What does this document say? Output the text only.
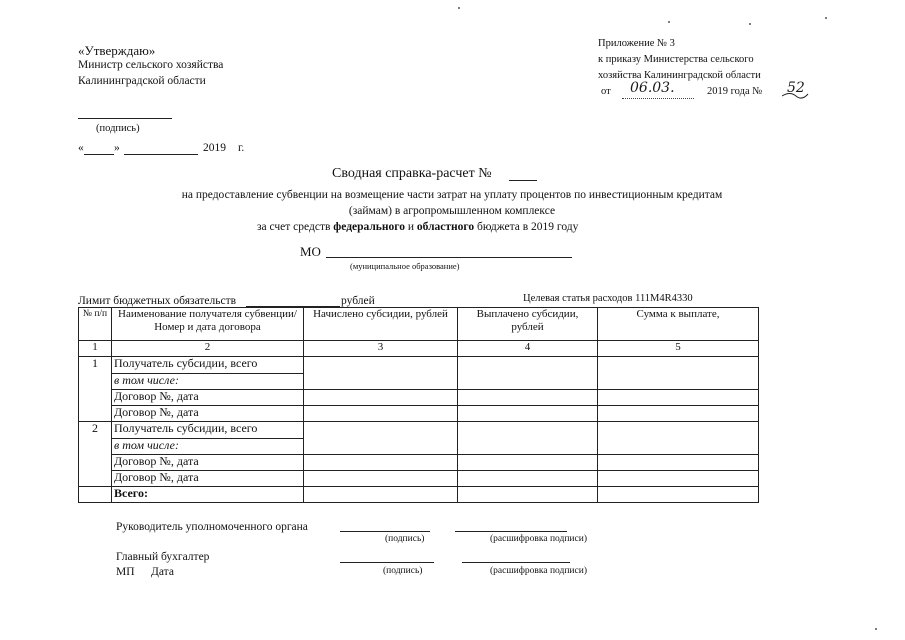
«Утверждаю»
Министр сельского хозяйства
Калининградской области
(подпись)
«	»	2019 г.
Приложение № 3
к приказу Министерства сельского
хозяйства Калининградской области
от 06.03.	2019 года № 52
Сводная справка-расчет №
на предоставление субвенции на возмещение части затрат на уплату процентов по инвестиционным кредитам
(займам) в агропромышленном комплексе
за счет средств федерального и областного бюджета в 2019 году
МО
(муниципальное образование)
Лимит бюджетных обязательств	рублей	Целевая статья расходов 111М4R4330
№ п/п	Наименование получателя субвенции/ Номер и дата договора	Начислено субсидии, рублей	Выплачено субсидии, рублей	Сумма к выплате,
1	2	3	4	5
1	Получатель субсидии, всего			
	в том числе:			
	Договор №, дата			
	Договор №, дата			
2	Получатель субсидии, всего			
	в том числе:			
	Договор №, дата			
	Договор №, дата			
	Всего:			
Руководитель уполномоченного органа
(подпись)	(расшифровка подписи)
Главный бухгалтер
МП Дата	(подпись)	(расшифровка подписи)
